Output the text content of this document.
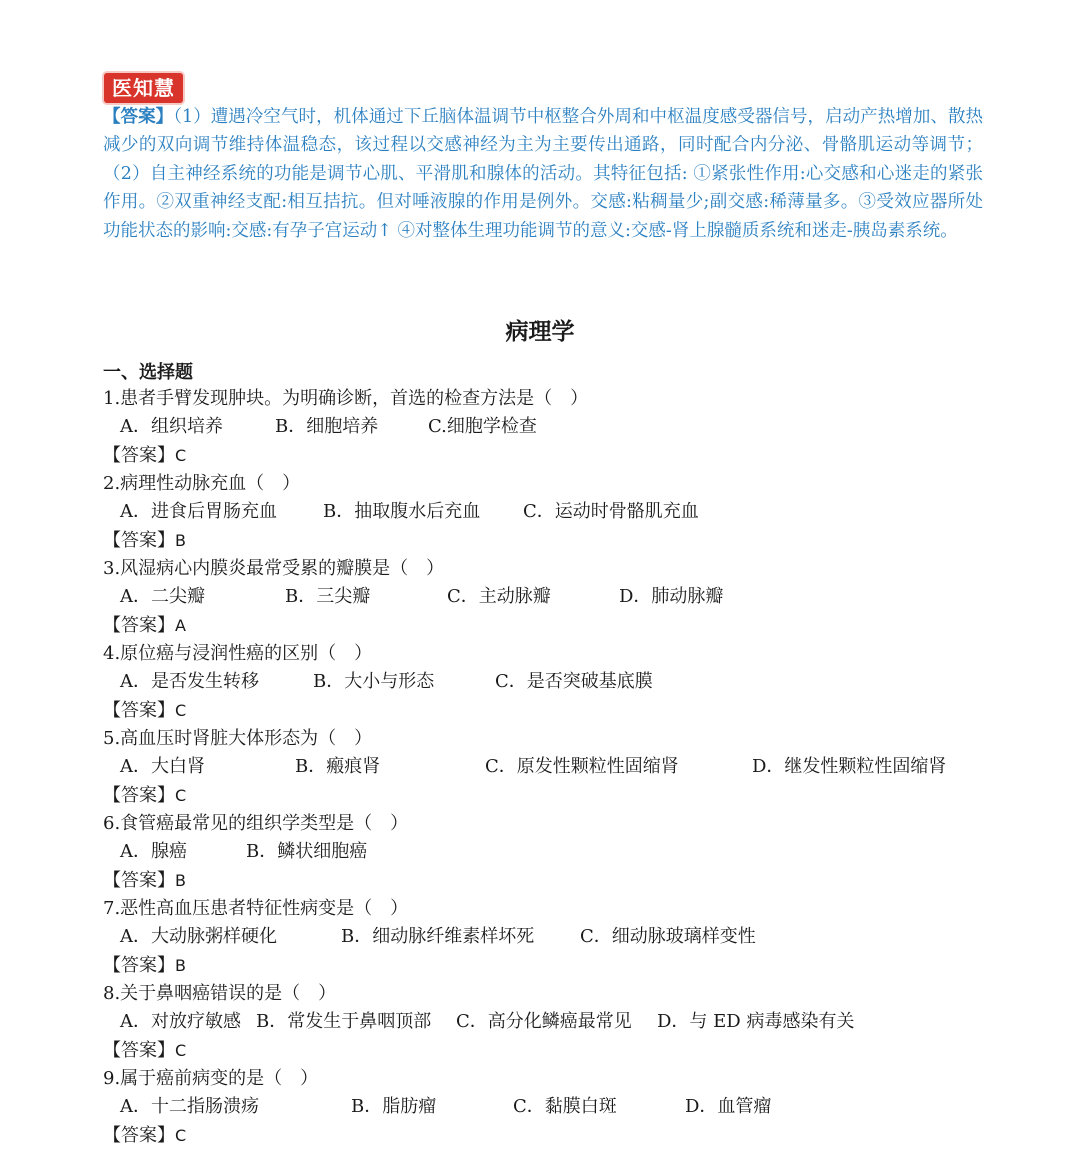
医知慧
【答案】（1）遭遇冷空气时，机体通过下丘脑体温调节中枢整合外周和中枢温度感受器信号，启动产热增加、散热减少的双向调节维持体温稳态，该过程以交感神经为主为主要传出通路，同时配合内分泌、骨骼肌运动等调节；（2）自主神经系统的功能是调节心肌、平滑肌和腺体的活动。其特征包括: ①紧张性作用:心交感和心迷走的紧张作用。②双重神经支配:相互拮抗。但对唾液腺的作用是例外。交感:粘稠量少;副交感:稀薄量多。③受效应器所处功能状态的影响:交感:有孕子宫运动↑ ④对整体生理功能调节的意义:交感-肾上腺髓质系统和迷走-胰岛素系统。
病理学
一、选择题
1.患者手臂发现肿块。为明确诊断，首选的检查方法是（　）
A．组织培养	B．细胞培养	C.细胞学检查
【答案】C
2.病理性动脉充血（　）
A．进食后胃肠充血	B．抽取腹水后充血 C．运动时骨骼肌充血
【答案】B
3.风湿病心内膜炎最常受累的瓣膜是（　）
A．二尖瓣	B．三尖瓣	C．主动脉瓣	D．肺动脉瓣
【答案】A
4.原位癌与浸润性癌的区别（　）
A．是否发生转移	B．大小与形态	C．是否突破基底膜
【答案】C
5.高血压时肾脏大体形态为（　）
A．大白肾	B．瘢痕肾	C．原发性颗粒性固缩肾	D．继发性颗粒性固缩肾
【答案】C
6.食管癌最常见的组织学类型是（　）
A．腺癌	B．鳞状细胞癌
【答案】B
7.恶性高血压患者特征性病变是（　）
A．大动脉粥样硬化	B．细动脉纤维素样坏死	C．细动脉玻璃样变性
【答案】B
8.关于鼻咽癌错误的是（　）
A．对放疗敏感 B．常发生于鼻咽顶部 C．高分化鳞癌最常见 D．与 ED 病毒感染有关
【答案】C
9.属于癌前病变的是（　）
A．十二指肠溃疡	B．脂肪瘤	C．黏膜白斑	D．血管瘤
【答案】C
